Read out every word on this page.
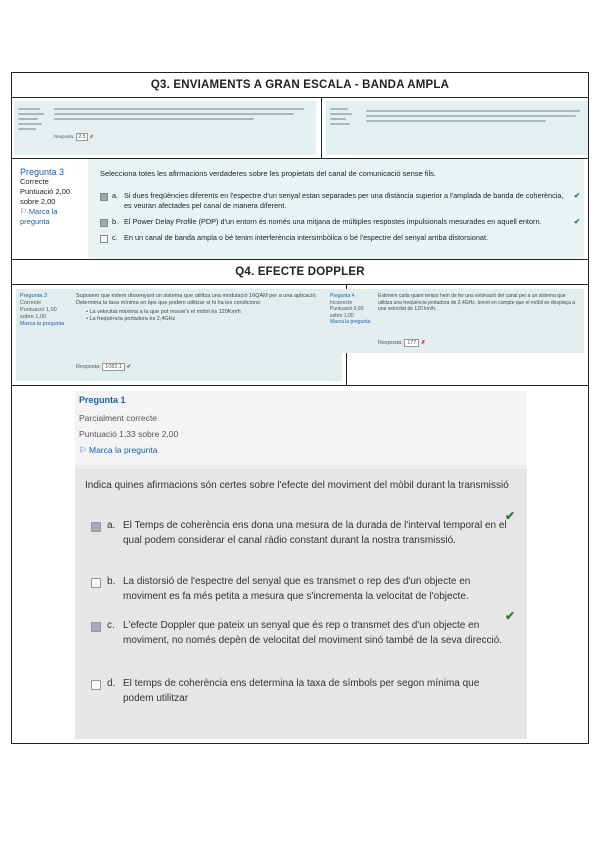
Q3. ENVIAMENTS A GRAN ESCALA - BANDA AMPLA
Resposta: 2.5 ✗
Pregunta 3
Correcte
Puntuació 2,00 sobre 2,00
⚐ Marca la pregunta
Selecciona totes les afirmacions verdaderes sobre les propietats del canal de comunicació sense fils.
a. Si dues freqüències diferents en l'espectre d'un senyal estan separades per una distància superior a l'amplada de banda de coherència, es veuran afectades pel canal de manera diferent.
✔
b. El Power Delay Profile (PDP) d'un entorn és només una mitjana de múltiples respostes impulsionals mesurades en aquell entorn.	✔
c. En un canal de banda ampla o bé tenim interferència intersimbòlica o bé l'espectre del senyal arriba distorsionat.
Q4. EFECTE DOPPLER
Pregunta 3
Correcte
Puntuació 1,00 sobre 1,00
Marca la pregunta
Suposem que estem dissenyant un sistema que utilitza una modulació 16QAM per a una aplicació. Determina la taxa mínima en bps que podem utilitzar si hi ha les condicions:
• La velocitat màxima a la que pot moure's el mòbil és 120Km/h
• La freqüència portadora és 2,4GHz
Resposta: 1082,1 ✔
Pregunta 4
Incorrecte
Puntuació 0,00 sobre 1,00
Marca la pregunta
Estimem cada quant temps hem de fer una estimació del canal per a un sistema que utilitza una freqüència portadora de 2,4GHz, tenint en compte que el mòbil es desplaça a una velocitat de 120 km/h.
Resposta: 177 ✗
Pregunta 1
Parcialment correcte
Puntuació 1,33 sobre 2,00
⚐ Marca la pregunta
Indica quines afirmacions són certes sobre l'efecte del moviment del mòbil durant la transmissió
a. El Temps de coherència ens dona una mesura de la durada de l'interval temporal en el qual podem considerar el canal ràdio constant durant la nostra transmissió.
✔
b. La distorsió de l'espectre del senyal que es transmet o rep des d'un objecte en moviment es fa més petita a mesura que s'incrementa la velocitat de l'objecte.
c. L'efecte Doppler que pateix un senyal que és rep o transmet des d'un objecte en moviment, no només depèn de velocitat del moviment sinó també de la seva direcció.
✔
d. El temps de coherència ens determina la taxa de símbols per segon mínima que podem utilitzar
